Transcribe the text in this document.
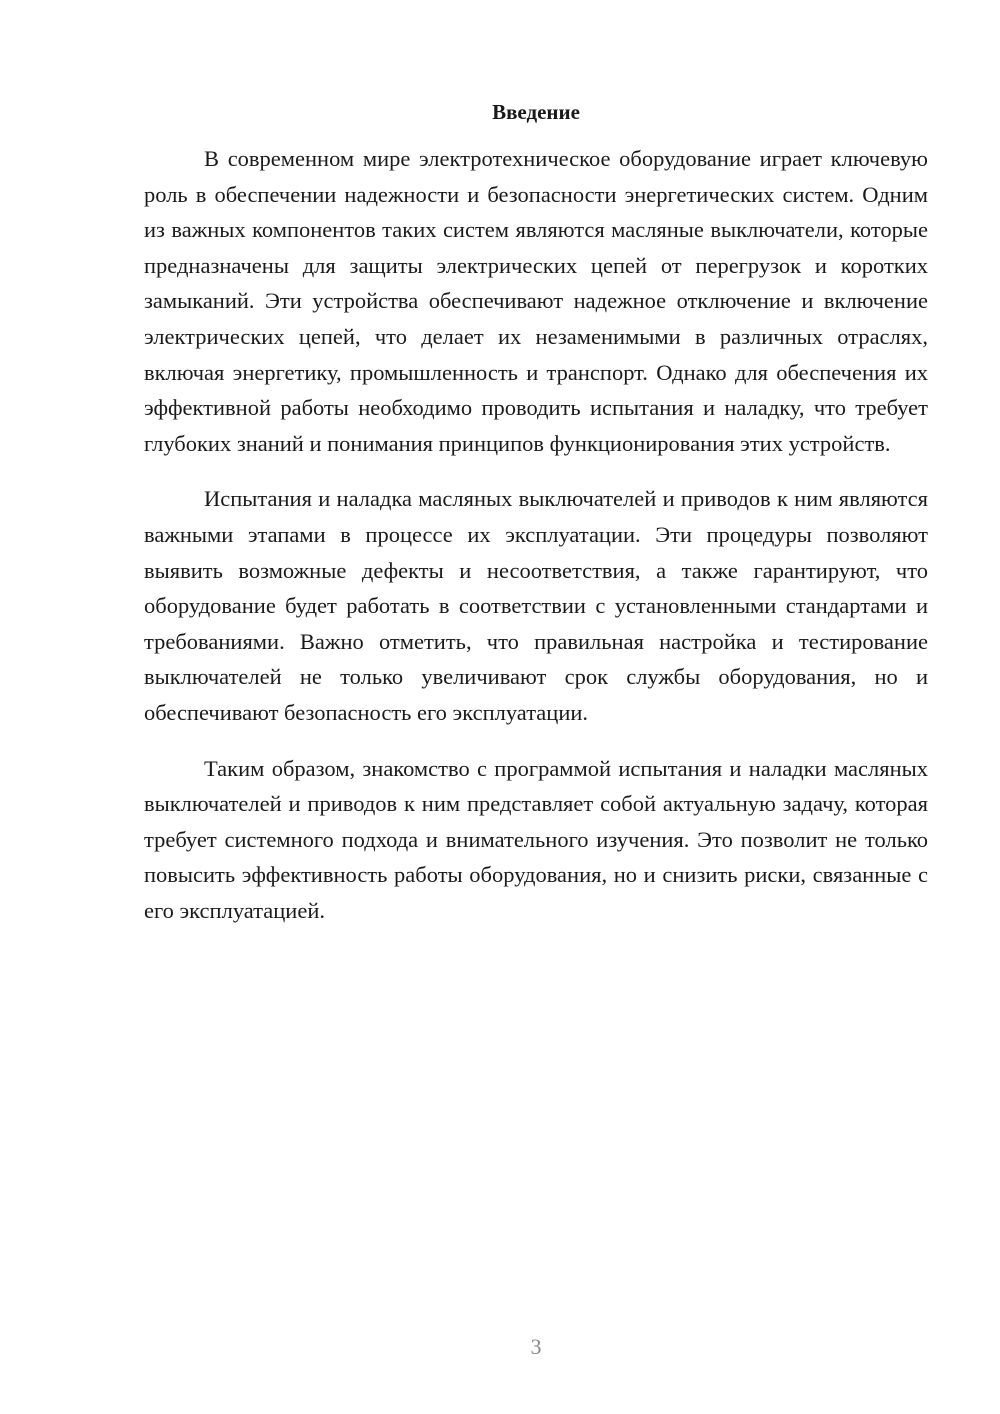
Введение

В современном мире электротехническое оборудование играет ключевую роль в обеспечении надежности и безопасности энергетических систем. Одним из важных компонентов таких систем являются масляные выключатели, которые предназначены для защиты электрических цепей от перегрузок и коротких замыканий. Эти устройства обеспечивают надежное отключение и включение электрических цепей, что делает их незаменимыми в различных отраслях, включая энергетику, промышленность и транспорт. Однако для обеспечения их эффективной работы необходимо проводить испытания и наладку, что требует глубоких знаний и понимания принципов функционирования этих устройств.

Испытания и наладка масляных выключателей и приводов к ним являются важными этапами в процессе их эксплуатации. Эти процедуры позволяют выявить возможные дефекты и несоответствия, а также гарантируют, что оборудование будет работать в соответствии с установленными стандартами и требованиями. Важно отметить, что правильная настройка и тестирование выключателей не только увеличивают срок службы оборудования, но и обеспечивают безопасность его эксплуатации.

Таким образом, знакомство с программой испытания и наладки масляных выключателей и приводов к ним представляет собой актуальную задачу, которая требует системного подхода и внимательного изучения. Это позволит не только повысить эффективность работы оборудования, но и снизить риски, связанные с его эксплуатацией.

3
